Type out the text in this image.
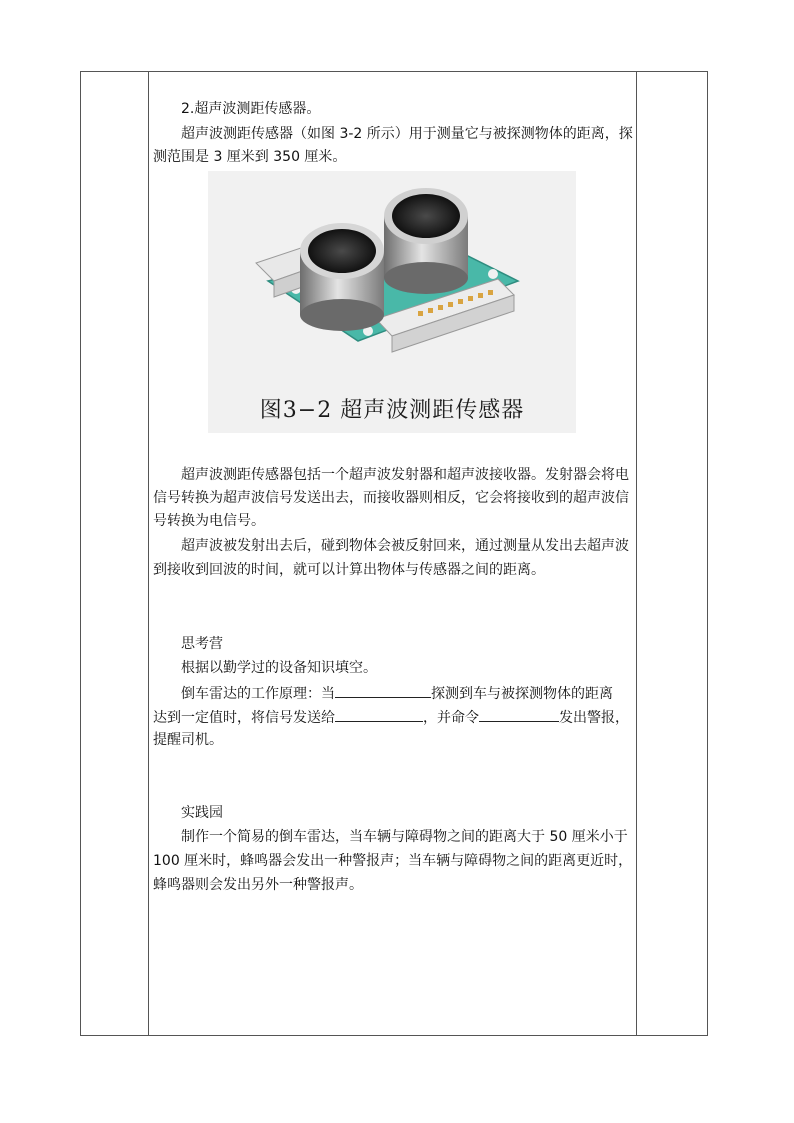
2.超声波测距传感器。
超声波测距传感器（如图 3-2 所示）用于测量它与被探测物体的距离，探
测范围是 3 厘米到 350 厘米。
图3−2 超声波测距传感器
超声波测距传感器包括一个超声波发射器和超声波接收器。发射器会将电
信号转换为超声波信号发送出去，而接收器则相反，它会将接收到的超声波信
号转换为电信号。
超声波被发射出去后，碰到物体会被反射回来，通过测量从发出去超声波
到接收到回波的时间，就可以计算出物体与传感器之间的距离。
思考营
根据以勤学过的设备知识填空。
倒车雷达的工作原理：当	探测到车与被探测物体的距离
达到一定值时，将信号发送给	，并命令	发出警报，
提醒司机。
实践园
制作一个简易的倒车雷达，当车辆与障碍物之间的距离大于 50 厘米小于
100 厘米时，蜂鸣器会发出一种警报声；当车辆与障碍物之间的距离更近时，
蜂鸣器则会发出另外一种警报声。
